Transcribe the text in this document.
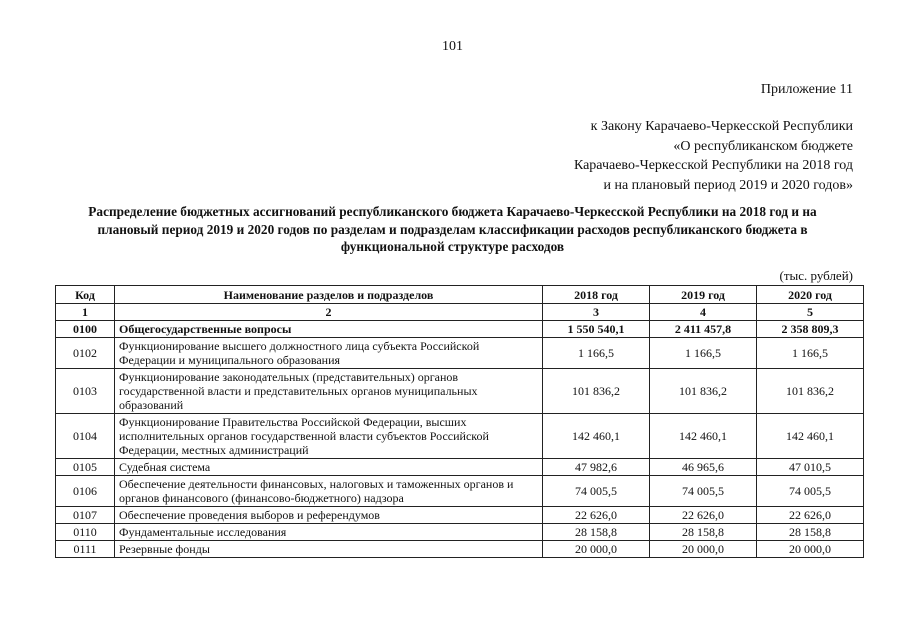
101
Приложение 11
к Закону Карачаево-Черкесской Республики
«О республиканском бюджете
Карачаево-Черкесской Республики на 2018 год
и на плановый период 2019 и 2020 годов»
Распределение бюджетных ассигнований республиканского бюджета Карачаево-Черкесской Республики на 2018 год и на плановый период 2019 и 2020 годов по разделам и подразделам классификации расходов республиканского бюджета в функциональной структуре расходов
(тыс. рублей)
Код	Наименование разделов и подразделов	2018 год	2019 год	2020 год
1	2	3	4	5
0100	Общегосударственные вопросы	1 550 540,1	2 411 457,8	2 358 809,3
0102	Функционирование высшего должностного лица субъекта Российской Федерации и муниципального образования	1 166,5	1 166,5	1 166,5
0103	Функционирование законодательных (представительных) органов государственной власти и представительных органов муниципальных образований	101 836,2	101 836,2	101 836,2
0104	Функционирование Правительства Российской Федерации, высших исполнительных органов государственной власти субъектов Российской Федерации, местных администраций	142 460,1	142 460,1	142 460,1
0105	Судебная система	47 982,6	46 965,6	47 010,5
0106	Обеспечение деятельности финансовых, налоговых и таможенных органов и органов финансового (финансово-бюджетного) надзора	74 005,5	74 005,5	74 005,5
0107	Обеспечение проведения выборов и референдумов	22 626,0	22 626,0	22 626,0
0110	Фундаментальные исследования	28 158,8	28 158,8	28 158,8
0111	Резервные фонды	20 000,0	20 000,0	20 000,0
